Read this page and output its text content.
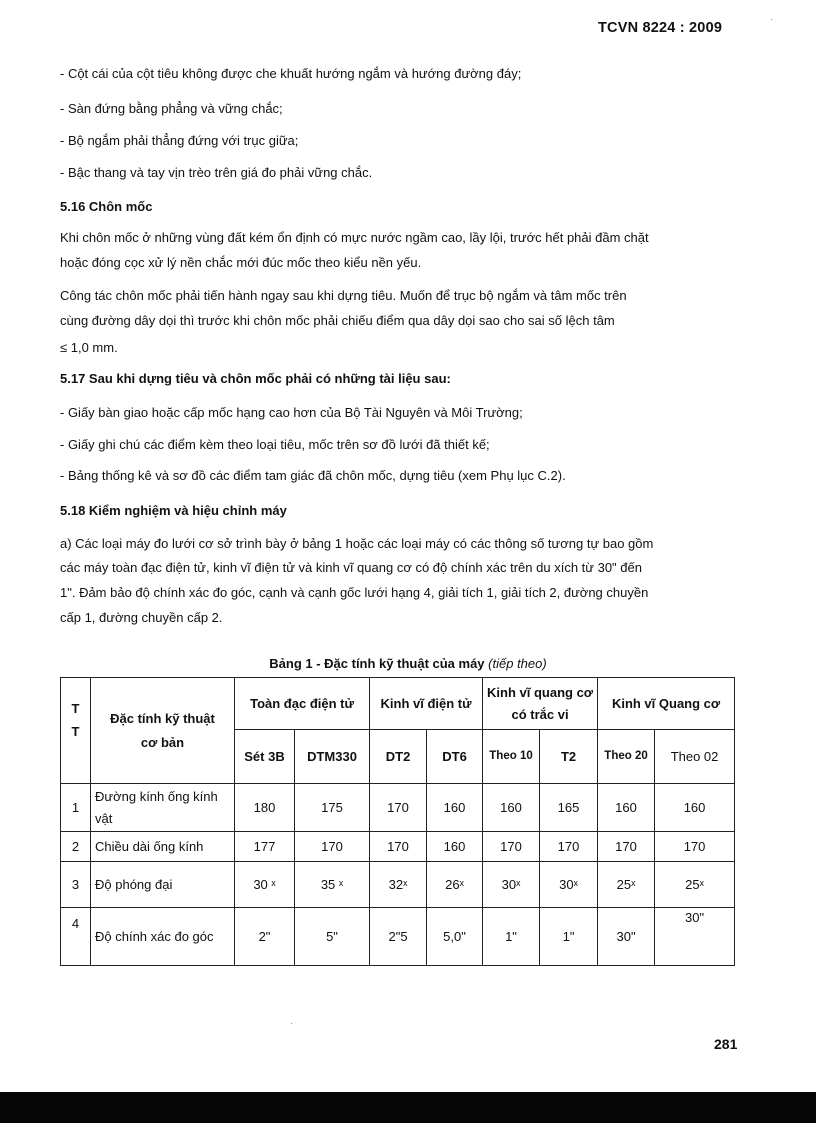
TCVN 8224 : 2009
- Cột cái của cột tiêu không được che khuất hướng ngắm và hướng đường đáy;
- Sàn đứng bằng phẳng và vững chắc;
- Bộ ngắm phải thẳng đứng với trục giữa;
- Bậc thang và tay vịn trèo trên giá đo phải vững chắc.
5.16 Chôn mốc
Khi chôn mốc ở những vùng đất kém ổn định có mực nước ngầm cao, lầy lội, trước hết phải đầm chặt
hoặc đóng cọc xử lý nền chắc mới đúc mốc theo kiểu nền yếu.
Công tác chôn mốc phải tiến hành ngay sau khi dựng tiêu. Muốn để trục bộ ngắm và tâm mốc trên
cùng đường dây dọi thì trước khi chôn mốc phải chiếu điểm qua dây dọi sao cho sai số lệch tâm
≤ 1,0 mm.
5.17 Sau khi dựng tiêu và chôn mốc phải có những tài liệu sau:
- Giấy bàn giao hoặc cấp mốc hạng cao hơn của Bộ Tài Nguyên và Môi Trường;
- Giấy ghi chú các điểm kèm theo loại tiêu, mốc trên sơ đồ lưới đã thiết kế;
- Bảng thống kê và sơ đồ các điểm tam giác đã chôn mốc, dựng tiêu (xem Phụ lục C.2).
5.18 Kiểm nghiệm và hiệu chỉnh máy
a) Các loại máy đo lưới cơ sở trình bày ở bảng 1 hoặc các loại máy có các thông số tương tự bao gồm
các máy toàn đạc điện tử, kinh vĩ điện tử và kinh vĩ quang cơ có độ chính xác trên du xích từ 30" đến
1". Đảm bảo độ chính xác đo góc, cạnh và cạnh gốc lưới hạng 4, giải tích 1, giải tích 2, đường chuyền
cấp 1, đường chuyền cấp 2.
Bảng 1 - Đặc tính kỹ thuật của máy (tiếp theo)
T
T	Đặc tính kỹ thuật cơ bản	Toàn đạc điện tử		Kinh vĩ điện tử		Kinh vĩ quang cơ có trắc vi		Kinh vĩ Quang cơ	
		Sét 3B	DTM330	DT2	DT6	Theo 10	T2	Theo 20	Theo 02
1	Đường kính ống kính vật	180	175	170	160	160	165	160	160
2	Chiều dài ống kính	177	170	170	160	170	170	170	170
3	Độ phóng đại	30 ˣ	35 ˣ	32ˣ	26ˣ	30ˣ	30ˣ	25ˣ	25ˣ
4	Độ chính xác đo góc	2"	5"	2"5	5,0"	1"	1"	30"	30"
281
·
·
